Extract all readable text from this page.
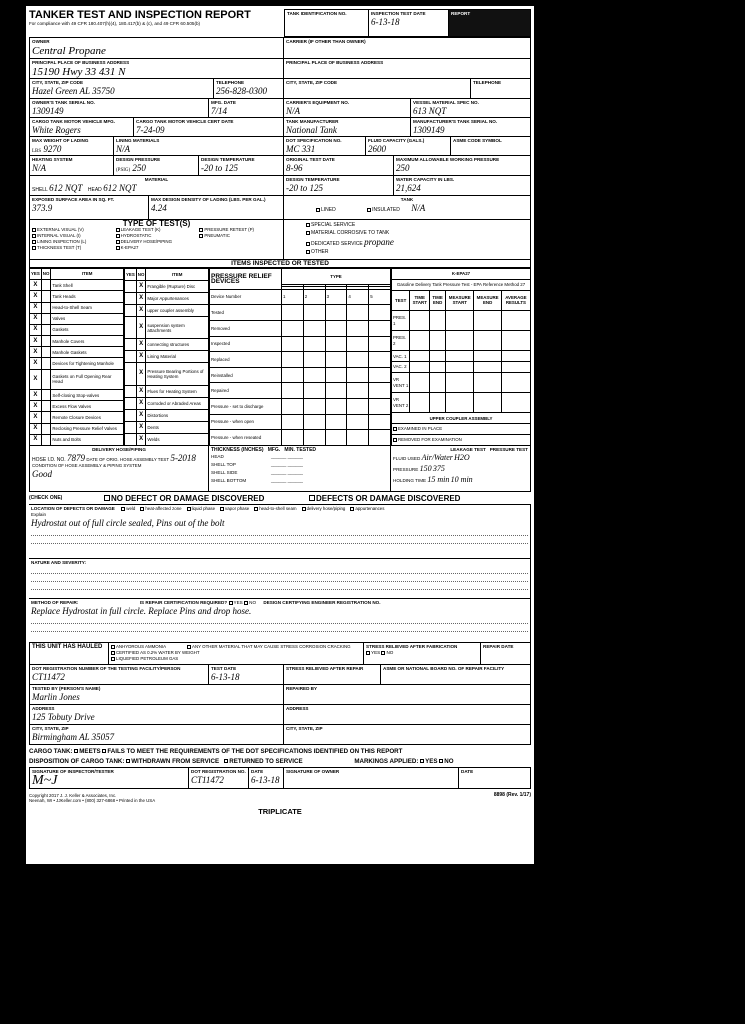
TANKER TEST AND INSPECTION REPORT
For compliance with 49 CFR 180.407(h)(4), 180.417(b) & (c), and 49 CFR 60.505(b)
TANK IDENTIFICATION NO.	INSPECTION TEST DATE
6-13-18
REPORT
OWNER
Central Propane
CARRIER (IF OTHER THAN OWNER)
PRINCIPAL PLACE OF BUSINESS ADDRESS
15190 Hwy 33 431 N
PRINCIPAL PLACE OF BUSINESS ADDRESS
CITY, STATE, ZIP CODE
Hazel Green AL 35750
TELEPHONE
256-828-0300
CITY, STATE, ZIP CODE	TELEPHONE
OWNER'S TANK SERIAL NO.
1309149
MFG. DATE
7/14
CARRIER'S EQUIPMENT NO.
N/A
VESSEL MATERIAL SPEC NO.
613 NQT
CARGO TANK MOTOR VEHICLE MFG.
White Rogers
CARGO TANK MOTOR VEHICLE CERT DATE
7-24-09
TANK MANUFACTURER
National Tank
MANUFACTURER'S TANK SERIAL NO.
1309149
MAX WEIGHT OF LADING
LBS 9270
LINING MATERIALS
N/A
DOT SPECIFICATION NO.
MC 331
FLUID CAPACITY (GALS.)
2600
ASME CODE SYMBOL
HEATING SYSTEM
N/A
DESIGN PRESSURE
(PSIG) 250
DESIGN TEMPERATURE
-20 to 125
ORIGINAL TEST DATE
8-96
MAXIMUM ALLOWABLE WORKING PRESSURE
250
MATERIAL
SHELL 612 NQT HEAD 612 NQT
DESIGN TEMPERATURE
-20 to 125
WATER CAPACITY IN LBS.
21,624
EXPOSED SURFACE AREA IN SQ. FT.
373.9
MAX DESIGN DENSITY OF LADING (LBS. PER GAL.)
4.24
TANK
LINED	INSULATED N/A
TYPE OF TEST(S)
EXTERNAL VISUAL (V)	LEAKAGE TEST (K)	PRESSURE RETEST (P)
INTERNAL VISUAL (I)	HYDROSTATIC	PNEUMATIC
LINING INSPECTION (L)	DELIVERY HOSE/PIPING
THICKNESS TEST (T)	K-EPA27
SPECIAL SERVICE
MATERIAL CORROSIVE TO TANK
DEDICATED SERVICE propane
OTHER
ITEMS INSPECTED OR TESTED
YES	NO	ITEM
X		Tank Shell
X		Tank Heads
X		Head-to-Shell Seam
X		Valves
X		Gaskets
X		Manhole Covers
X		Manhole Gaskets
X		Devices for Tightening Manhole
X		Gaskets on Full Opening Rear Head
X		Self-closing Stop-valves
X		Excess Flow Valves
X		Remote Closure Devices
X		Reclosing Pressure Relief Valves
X		Nuts and Bolts
YES	NO	ITEM
	X	Frangible (Rupture) Disc
	X	Major Appurtenances
	X	upper coupler assembly
	X	suspension system attachments
	X	connecting structures
	X	Lining Material
	X	Pressure Bearing Portions of Heating System
	X	Flues for Heating System
	X	Corroded or Abraded Areas
	X	Distortions
	X	Dents
	X	Welds
PRESSURE RELIEF DEVICES	TYPE				

Device Number	1	2	3	4	5
Tested					
Removed					
Inspected					
Replaced					
Reinstalled					
Repaired					
Pressure - set to discharge					
Pressure - when open					
Pressure - when reseated					
K-EPA27					
Gasoline Delivery Tank Pressure Test - EPA Reference Method 27					
TEST	TIME START	TIME END	MEASURE START	MEASURE END	AVERAGE RESULTS
PRES. 1					
PRES. 2					
VAC. 1					
VAC. 2					
VR VENT 1					
VR VENT 2					
UPPER COUPLER ASSEMBLY					
EXAMINED IN PLACE					
REMOVED FOR EXAMINATION					
DELIVERY HOSE/PIPING
HOSE I.D. NO. 7879 DATE OF ORIG. HOSE ASSEMBLY TEST 5-2018
CONDITION OF HOSE ASSEMBLY & PIPING SYSTEM
Good
THICKNESS (INCHES) MFG. MIN. TESTED
HEAD	______ ______
SHELL TOP	______ ______
SHELL SIDE	______ ______
SHELL BOTTOM	______ ______
LEAKAGE TEST PRESSURE TEST
FLUID USED Air/Water H2O
PRESSURE 150 375
HOLDING TIME 15 min 10 min
(CHECK ONE)	NO DEFECT OR DAMAGE DISCOVERED	DEFECTS OR DAMAGE DISCOVERED
LOCATION OF DEFECTS OR DAMAGE	weld heat-affected zone liquid phase vapor phase head-to-shell seam delivery hose/piping appurtenances
Explain
Hydrostat out of full circle sealed, Pins out of the bolt
NATURE AND SEVERITY:
METHOD OF REPAIR:	IS REPAIR CERTIFICATION REQUIRED? YES NO DESIGN CERTIFYING ENGINEER REGISTRATION NO.
Replace Hydrostat in full circle. Replace Pins and drop hose.
THIS UNIT HAS HAULED	ANHYDROUS AMMONIA	ANY OTHER MATERIAL THAT MAY CAUSE STRESS CORROSION CRACKING
CERTIFIED AS 0.2% WATER BY WEIGHT
LIQUEFIED PETROLEUM GAS
STRESS RELIEVED AFTER FABRICATION
YES NO
REPAIR DATE
DOT REGISTRATION NUMBER OF THE TESTING FACILITY/PERSON
CT11472
TEST DATE
6-13-18
STRESS RELIEVED AFTER REPAIR	ASME OR NATIONAL BOARD NO. OF REPAIR FACILITY
TESTED BY (PERSON'S NAME)
Marlin Jones
REPAIRED BY
ADDRESS
125 Tobuty Drive
ADDRESS
CITY, STATE, ZIP
Birmingham AL 35057
CITY, STATE, ZIP
CARGO TANK: MEETS FAILS TO MEET THE REQUIREMENTS OF THE DOT SPECIFICATIONS IDENTIFIED ON THIS REPORT
DISPOSITION OF CARGO TANK: WITHDRAWN FROM SERVICE RETURNED TO SERVICE	MARKINGS APPLIED: YES NO
SIGNATURE OF INSPECTOR/TESTER
M~J
DOT REGISTRATION NO.
CT11472
DATE
6-13-18
SIGNATURE OF OWNER	DATE
Copyright 2017 J. J. Keller & Associates, Inc.
Neenah, WI • JJKeller.com • (800) 327-6868 • Printed in the USA
8898 (Rev. 1/17)
TRIPLICATE
